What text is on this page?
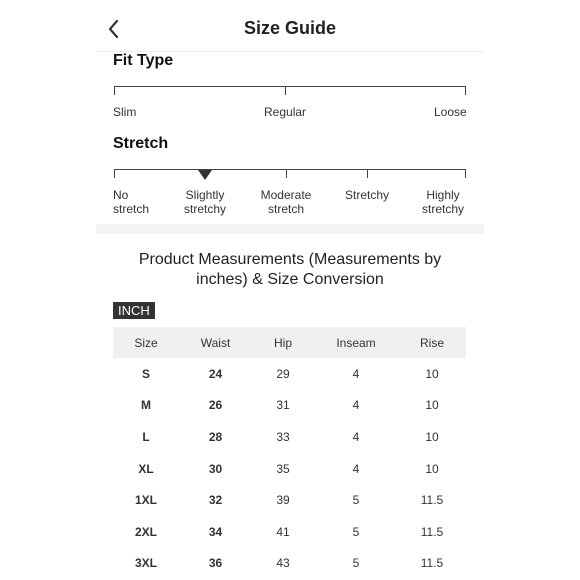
Size Guide
Fit Type
Slim	Regular	Loose
Stretch
No
stretch
Slightly
stretchy
Moderate
stretch
Stretchy	Highly
stretchy
Product Measurements (Measurements by inches) & Size Conversion
INCH
Size	Waist	Hip	Inseam	Rise
S	24	29	4	10
M	26	31	4	10
L	28	33	4	10
XL	30	35	4	10
1XL	32	39	5	11.5
2XL	34	41	5	11.5
3XL	36	43	5	11.5
